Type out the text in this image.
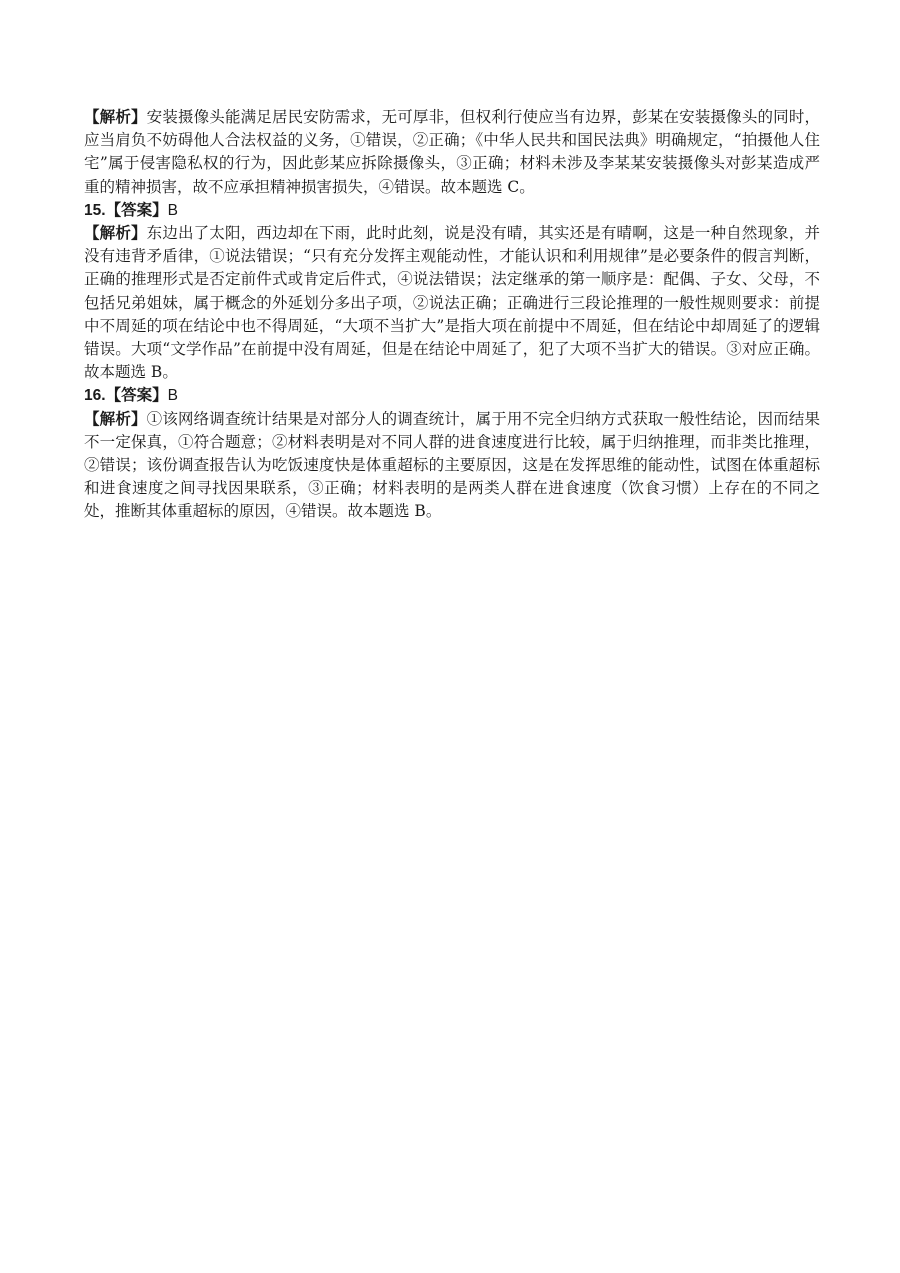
【解析】安装摄像头能满足居民安防需求，无可厚非，但权利行使应当有边界，彭某在安装摄像头的同时，应当肩负不妨碍他人合法权益的义务，①错误，②正确；《中华人民共和国民法典》明确规定，“拍摄他人住宅”属于侵害隐私权的行为，因此彭某应拆除摄像头，③正确；材料未涉及李某某安装摄像头对彭某造成严重的精神损害，故不应承担精神损害损失，④错误。故本题选 C。

15.【答案】B

【解析】东边出了太阳，西边却在下雨，此时此刻，说是没有晴，其实还是有晴啊，这是一种自然现象，并没有违背矛盾律，①说法错误；“只有充分发挥主观能动性，才能认识和利用规律”是必要条件的假言判断，正确的推理形式是否定前件式或肯定后件式，④说法错误；法定继承的第一顺序是：配偶、子女、父母，不包括兄弟姐妹，属于概念的外延划分多出子项，②说法正确；正确进行三段论推理的一般性规则要求：前提中不周延的项在结论中也不得周延，“大项不当扩大”是指大项在前提中不周延，但在结论中却周延了的逻辑错误。大项“文学作品”在前提中没有周延，但是在结论中周延了，犯了大项不当扩大的错误。③对应正确。故本题选 B。

16.【答案】B

【解析】①该网络调查统计结果是对部分人的调查统计，属于用不完全归纳方式获取一般性结论，因而结果不一定保真，①符合题意；②材料表明是对不同人群的进食速度进行比较，属于归纳推理，而非类比推理，②错误；该份调查报告认为吃饭速度快是体重超标的主要原因，这是在发挥思维的能动性，试图在体重超标和进食速度之间寻找因果联系，③正确；材料表明的是两类人群在进食速度（饮食习惯）上存在的不同之处，推断其体重超标的原因，④错误。故本题选 B。
